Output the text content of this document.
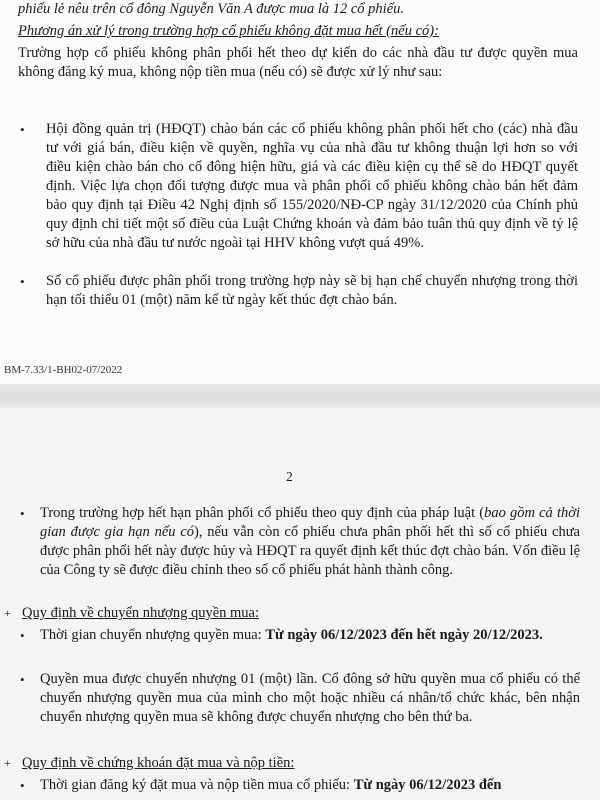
phiếu lẻ nêu trên cổ đông Nguyễn Văn A được mua là 12 cổ phiếu.
Phương án xử lý trong trường hợp cổ phiếu không đặt mua hết (nếu có):
Trường hợp cổ phiếu không phân phối hết theo dự kiến do các nhà đầu tư được quyền mua không đăng ký mua, không nộp tiền mua (nếu có) sẽ được xử lý như sau:
• Hội đồng quản trị (HĐQT) chào bán các cổ phiếu không phân phối hết cho (các) nhà đầu tư với giá bán, điều kiện về quyền, nghĩa vụ của nhà đầu tư không thuận lợi hơn so với điều kiện chào bán cho cổ đông hiện hữu, giá và các điều kiện cụ thể sẽ do HĐQT quyết định. Việc lựa chọn đối tượng được mua và phân phối cổ phiếu không chào bán hết đảm bảo quy định tại Điều 42 Nghị định số 155/2020/NĐ-CP ngày 31/12/2020 của Chính phủ quy định chi tiết một số điều của Luật Chứng khoán và đảm bảo tuân thủ quy định về tỷ lệ sở hữu của nhà đầu tư nước ngoài tại HHV không vượt quá 49%.
• Số cổ phiếu được phân phối trong trường hợp này sẽ bị hạn chế chuyển nhượng trong thời hạn tối thiểu 01 (một) năm kể từ ngày kết thúc đợt chào bán.
BM-7.33/1-BH02-07/2022
2
• Trong trường hợp hết hạn phân phối cổ phiếu theo quy định của pháp luật (bao gồm cả thời gian được gia hạn nếu có), nếu vẫn còn cổ phiếu chưa phân phối hết thì số cổ phiếu chưa được phân phối hết này được hủy và HĐQT ra quyết định kết thúc đợt chào bán. Vốn điều lệ của Công ty sẽ được điều chỉnh theo số cổ phiếu phát hành thành công.
+ Quy định về chuyển nhượng quyền mua:
• Thời gian chuyển nhượng quyền mua: Từ ngày 06/12/2023 đến hết ngày 20/12/2023.
• Quyền mua được chuyển nhượng 01 (một) lần. Cổ đông sở hữu quyền mua cổ phiếu có thể chuyển nhượng quyền mua của mình cho một hoặc nhiều cá nhân/tổ chức khác, bên nhận chuyển nhượng quyền mua sẽ không được chuyển nhượng cho bên thứ ba.
+ Quy định về chứng khoán đặt mua và nộp tiền:
• Thời gian đăng ký đặt mua và nộp tiền mua cổ phiếu: Từ ngày 06/12/2023 đến
